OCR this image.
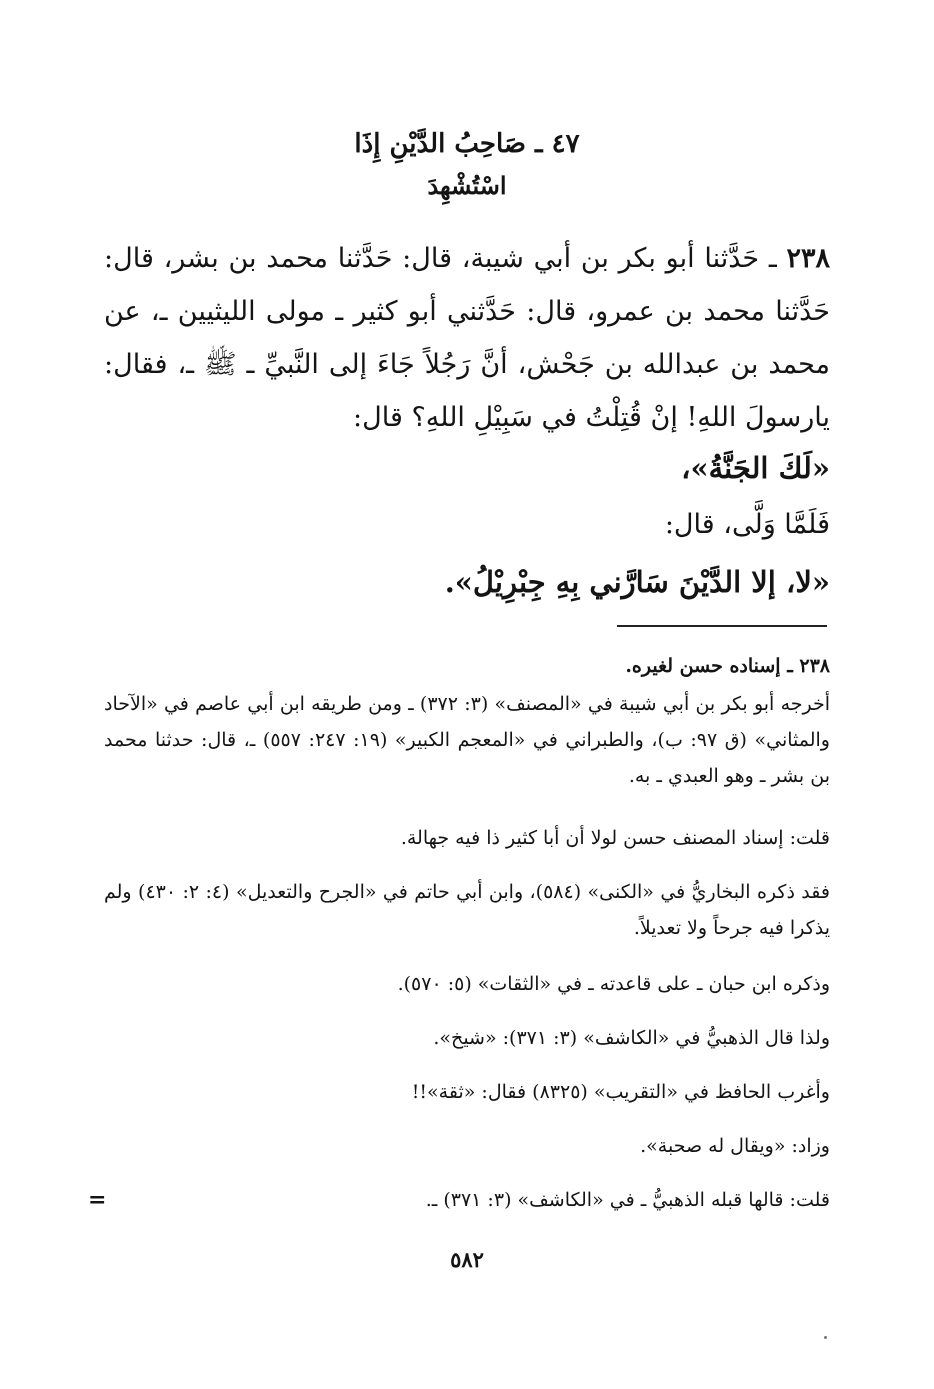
٤٧ ـ صَاحِبُ الدَّيْنِ إِذَا
اسْتُشْهِدَ
٢٣٨ ـ حَدَّثنا أبو بكر بن أبي شيبة، قال: حَدَّثنا محمد بن بشر، قال: حَدَّثنا محمد بن عمرو، قال: حَدَّثني أبو كثير ـ مولى الليثيين ـ، عن محمد بن عبدالله بن جَحْش، أنَّ رَجُلاً جَاءَ إلى النَّبيِّ ـ ﷺ ـ، فقال: يارسولَ اللهِ! إنْ قُتِلْتُ في سَبِيْلِ اللهِ؟ قال:
«لَكَ الجَنَّةُ»،
فَلَمَّا وَلَّى، قال:
«لا، إلا الدَّيْنَ سَارَّني بِهِ جِبْرِيْلُ».
٢٣٨ ـ إسناده حسن لغيره.
أخرجه أبو بكر بن أبي شيبة في «المصنف» (٣: ٣٧٢) ـ ومن طريقه ابن أبي عاصم في «الآحاد والمثاني» (ق ٩٧: ب)، والطبراني في «المعجم الكبير» (١٩: ٢٤٧: ٥٥٧) ـ، قال: حدثنا محمد بن بشر ـ وهو العبدي ـ به.
قلت: إسناد المصنف حسن لولا أن أبا كثير ذا فيه جهالة.
فقد ذكره البخاريُّ في «الكنى» (٥٨٤)، وابن أبي حاتم في «الجرح والتعديل» (٤: ٢: ٤٣٠) ولم يذكرا فيه جرحاً ولا تعديلاً.
وذكره ابن حبان ـ على قاعدته ـ في «الثقات» (٥: ٥٧٠).
ولذا قال الذهبيُّ في «الكاشف» (٣: ٣٧١): «شيخ».
وأغرب الحافظ في «التقريب» (٨٣٢٥) فقال: «ثقة»!!
وزاد: «ويقال له صحبة».
قلت: قالها قبله الذهبيُّ ـ في «الكاشف» (٣: ٣٧١) ـ.
=
٥٨٢
